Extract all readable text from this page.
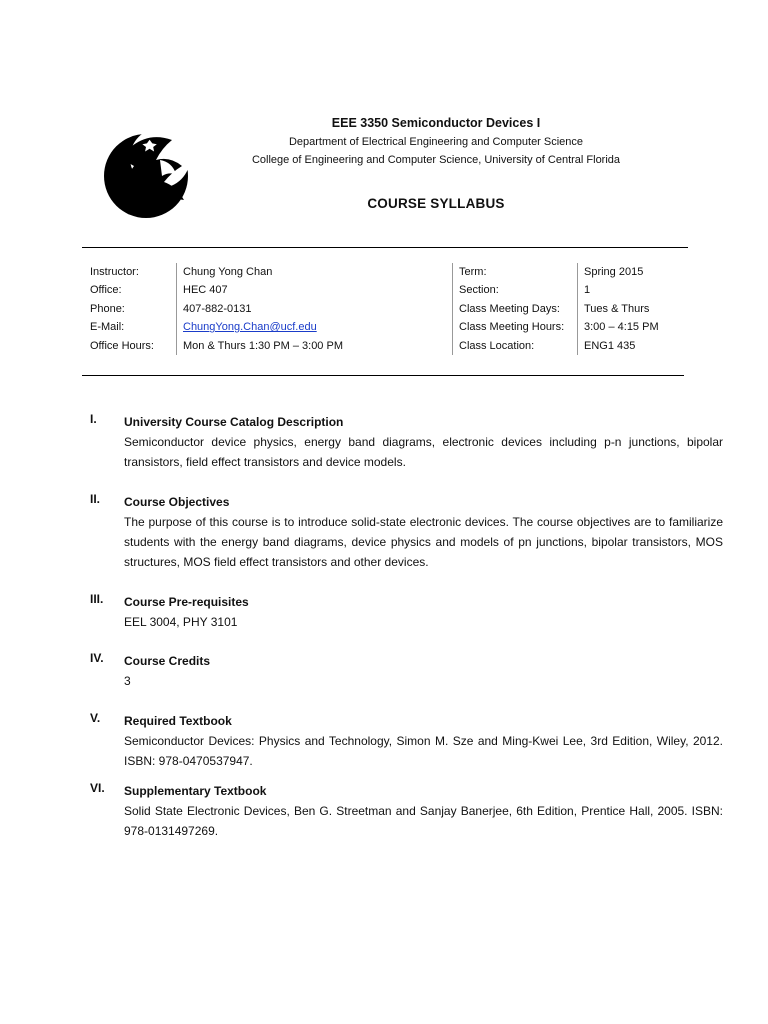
EEE 3350 Semiconductor Devices I
Department of Electrical Engineering and Computer Science
College of Engineering and Computer Science, University of Central Florida
COURSE SYLLABUS
Instructor:	Chung Yong Chan
Office:	HEC 407
Phone:	407-882-0131
E-Mail:	ChungYong.Chan@ucf.edu
Office Hours:	Mon & Thurs 1:30 PM – 3:00 PM
Term:	Spring 2015
Section:	1
Class Meeting Days:	Tues & Thurs
Class Meeting Hours:	3:00 – 4:15 PM
Class Location:	ENG1 435
I. University Course Catalog Description
Semiconductor device physics, energy band diagrams, electronic devices including p-n junctions, bipolar transistors, field effect transistors and device models.
II. Course Objectives
The purpose of this course is to introduce solid-state electronic devices. The course objectives are to familiarize students with the energy band diagrams, device physics and models of pn junctions, bipolar transistors, MOS structures, MOS field effect transistors and other devices.
III. Course Pre-requisites
EEL 3004, PHY 3101
IV. Course Credits
3
V. Required Textbook
Semiconductor Devices: Physics and Technology, Simon M. Sze and Ming-Kwei Lee, 3rd Edition, Wiley, 2012. ISBN: 978-0470537947.
VI. Supplementary Textbook
Solid State Electronic Devices, Ben G. Streetman and Sanjay Banerjee, 6th Edition, Prentice Hall, 2005. ISBN: 978-0131497269.
